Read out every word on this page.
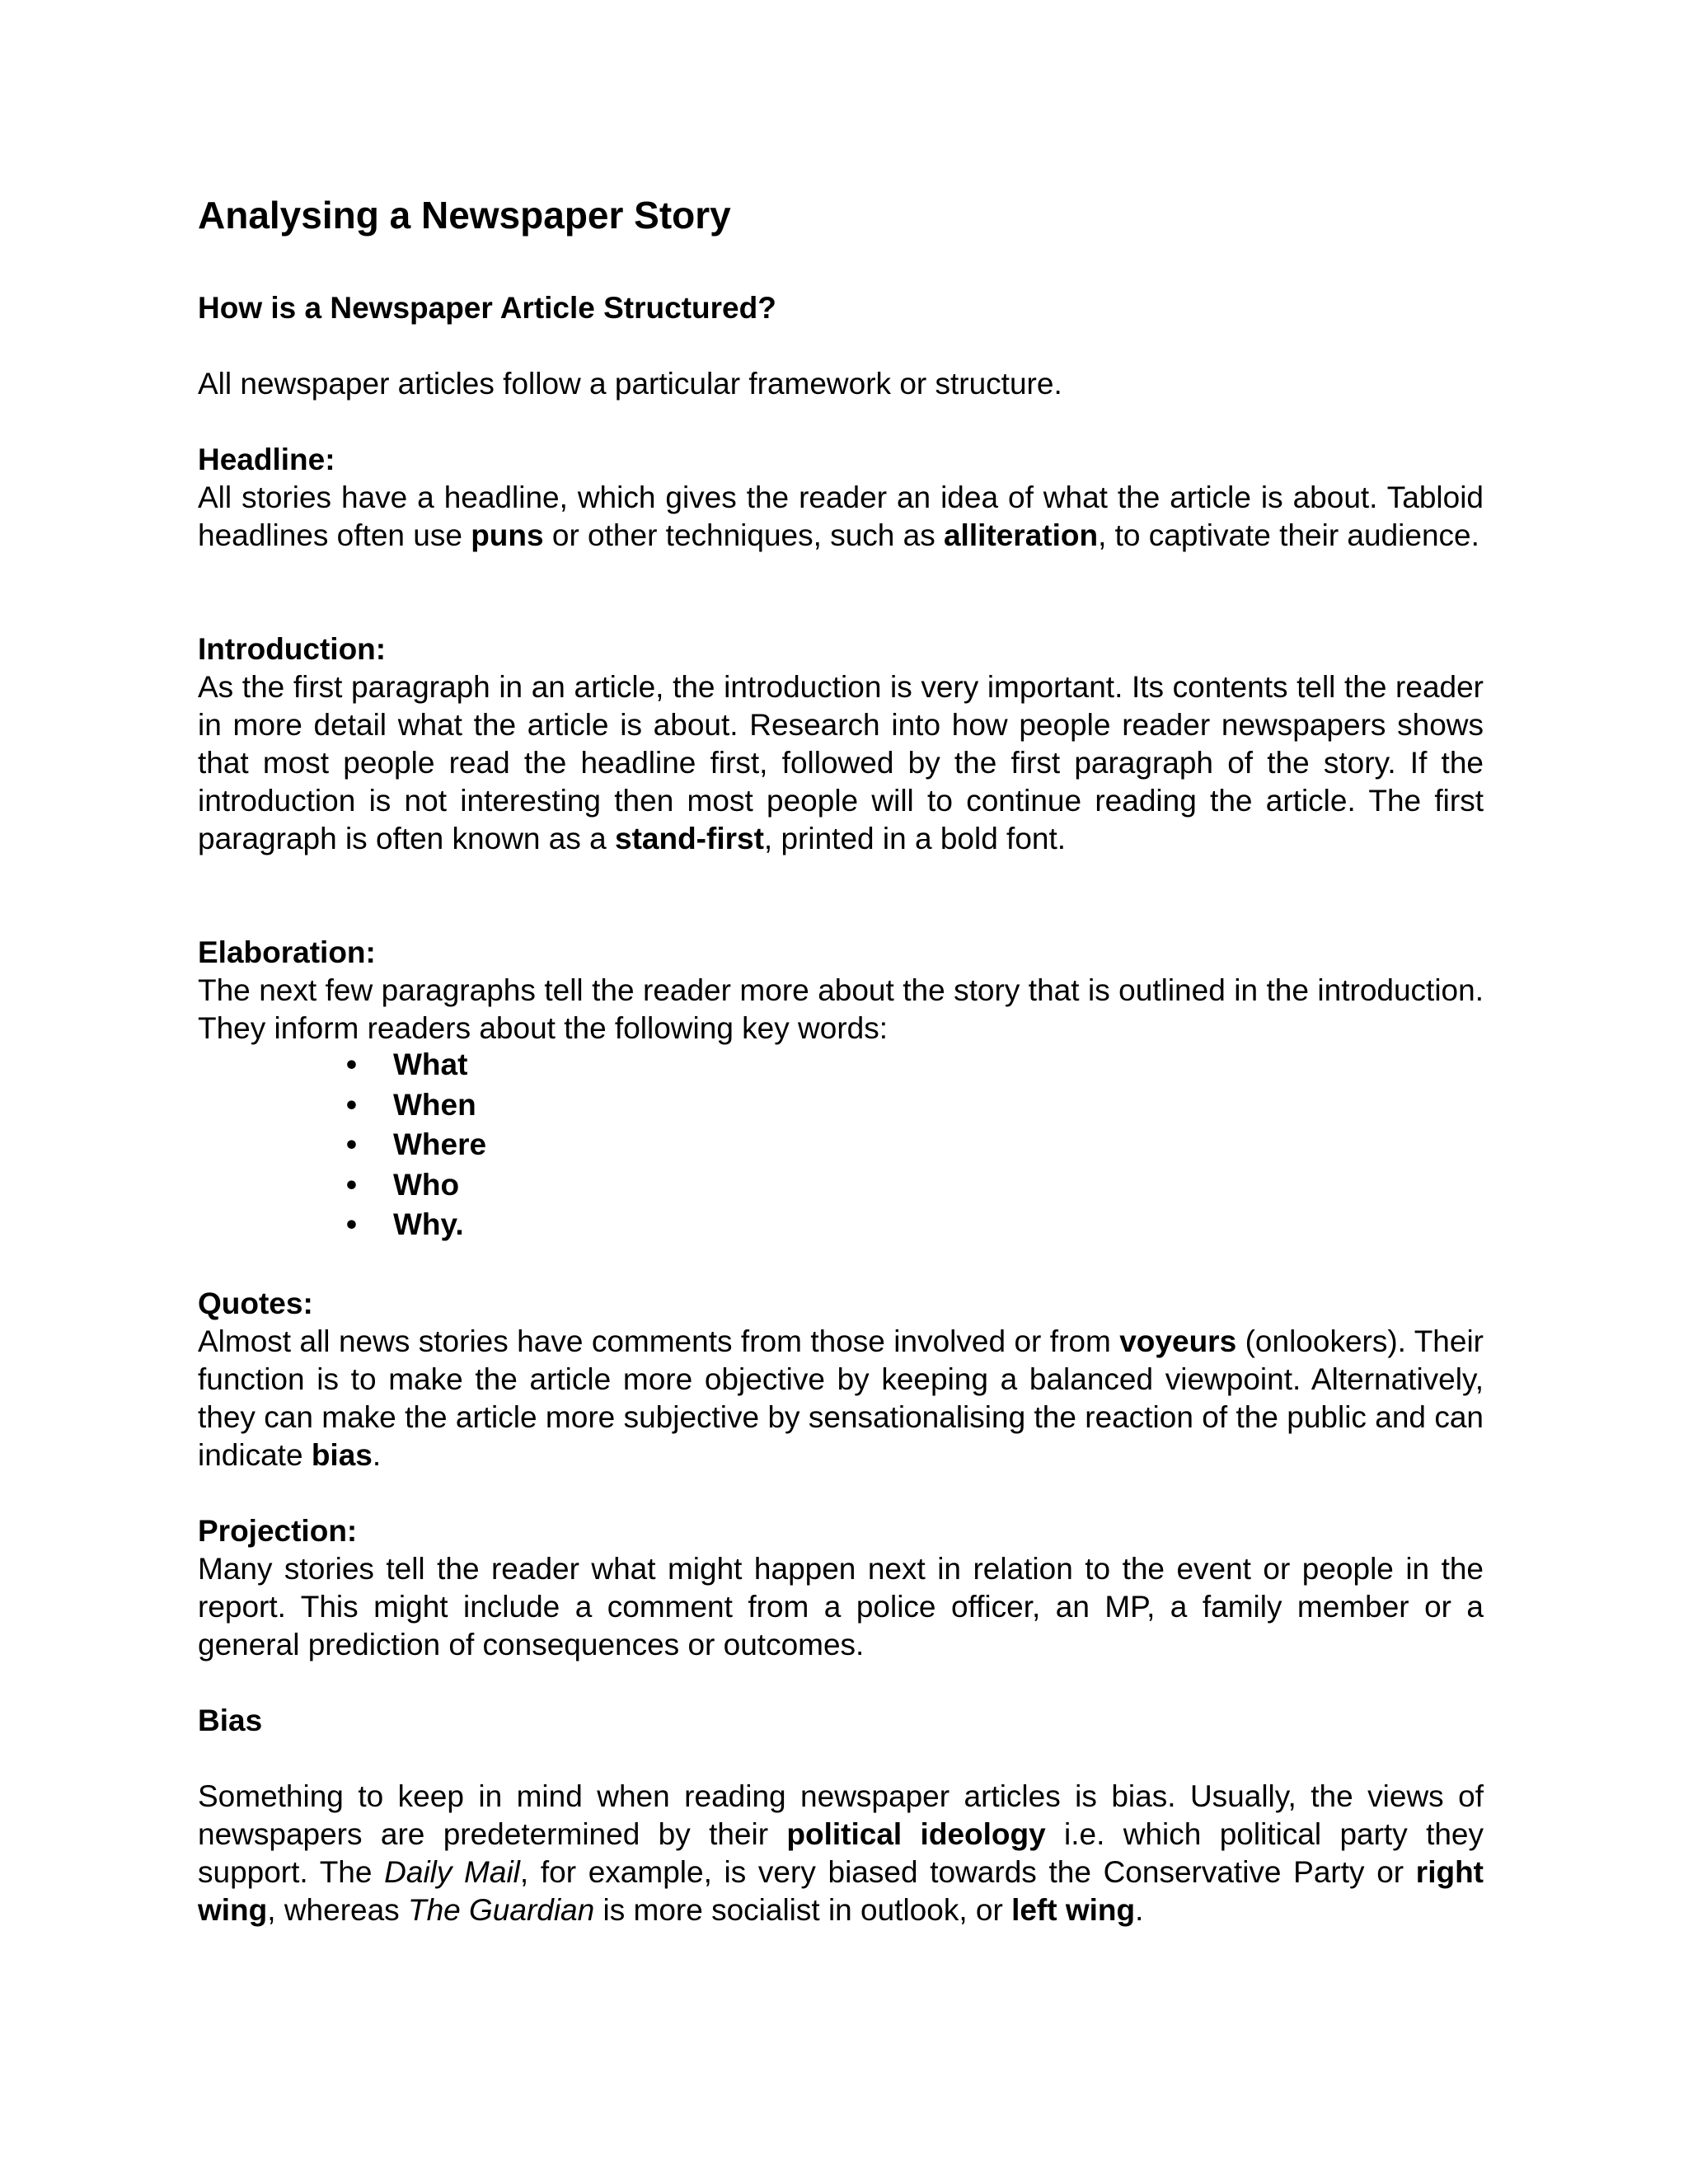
Analysing a Newspaper Story
How is a Newspaper Article Structured?
All newspaper articles follow a particular framework or structure.
Headline:
All stories have a headline, which gives the reader an idea of what the article is about. Tabloid headlines often use puns or other techniques, such as alliteration, to captivate their audience.
Introduction:
As the first paragraph in an article, the introduction is very important. Its contents tell the reader in more detail what the article is about. Research into how people reader newspapers shows that most people read the headline first, followed by the first paragraph of the story. If the introduction is not interesting then most people will to continue reading the article. The first paragraph is often known as a stand-first, printed in a bold font.
Elaboration:
The next few paragraphs tell the reader more about the story that is outlined in the introduction. They inform readers about the following key words:
• What
• When
• Where
• Who
• Why.
Quotes:
Almost all news stories have comments from those involved or from voyeurs (onlookers). Their function is to make the article more objective by keeping a balanced viewpoint. Alternatively, they can make the article more subjective by sensationalising the reaction of the public and can indicate bias.
Projection:
Many stories tell the reader what might happen next in relation to the event or people in the report. This might include a comment from a police officer, an MP, a family member or a general prediction of consequences or outcomes.
Bias
Something to keep in mind when reading newspaper articles is bias. Usually, the views of newspapers are predetermined by their political ideology i.e. which political party they support. The Daily Mail, for example, is very biased towards the Conservative Party or right wing, whereas The Guardian is more socialist in outlook, or left wing.
